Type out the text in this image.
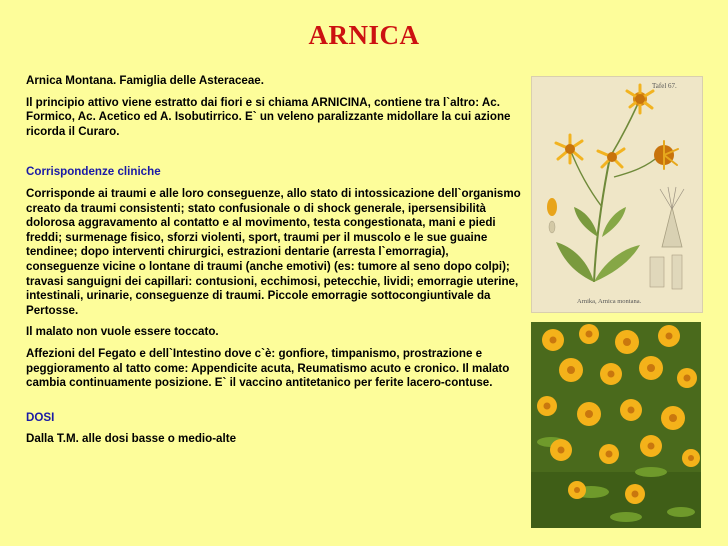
ARNICA

Arnica Montana. Famiglia delle Asteraceae.

Il principio attivo viene estratto dai fiori e si chiama ARNICINA, contiene tra l`altro: Ac. Formico, Ac. Acetico ed A. Isobutirrico. E` un veleno paralizzante midollare la cui azione ricorda il Curaro.

Corrispondenze cliniche

Corrisponde ai traumi e alle loro conseguenze, allo stato di intossicazione dell`organismo creato da traumi consistenti; stato confusionale o di shock generale, ipersensibilità dolorosa aggravamento al contatto e al movimento, testa congestionata, mani e piedi freddi; surmenage fisico, sforzi violenti, sport, traumi per il muscolo e le sue guaine tendinee; dopo interventi chirurgici, estrazioni dentarie (arresta l`emorragia), conseguenze vicine o lontane di traumi (anche emotivi) (es: tumore al seno dopo colpi); travasi sanguigni dei capillari: contusioni, ecchimosi, petecchie, lividi; emorragie uterine, intestinali, urinarie, conseguenze di traumi. Piccole emorragie sottocongiuntivale da Pertosse.

Il malato non vuole essere toccato.

Affezioni del Fegato e dell`Intestino dove c`è: gonfiore, timpanismo, prostrazione e peggioramento al tatto come: Appendicite acuta, Reumatismo acuto e cronico. Il malato cambia continuamente posizione. E` il vaccino antitetanico per ferite lacero-contuse.

DOSI

Dalla T.M. alle dosi basse o medio-alte

Tafel 67.
Arnika, Arnica montana.
